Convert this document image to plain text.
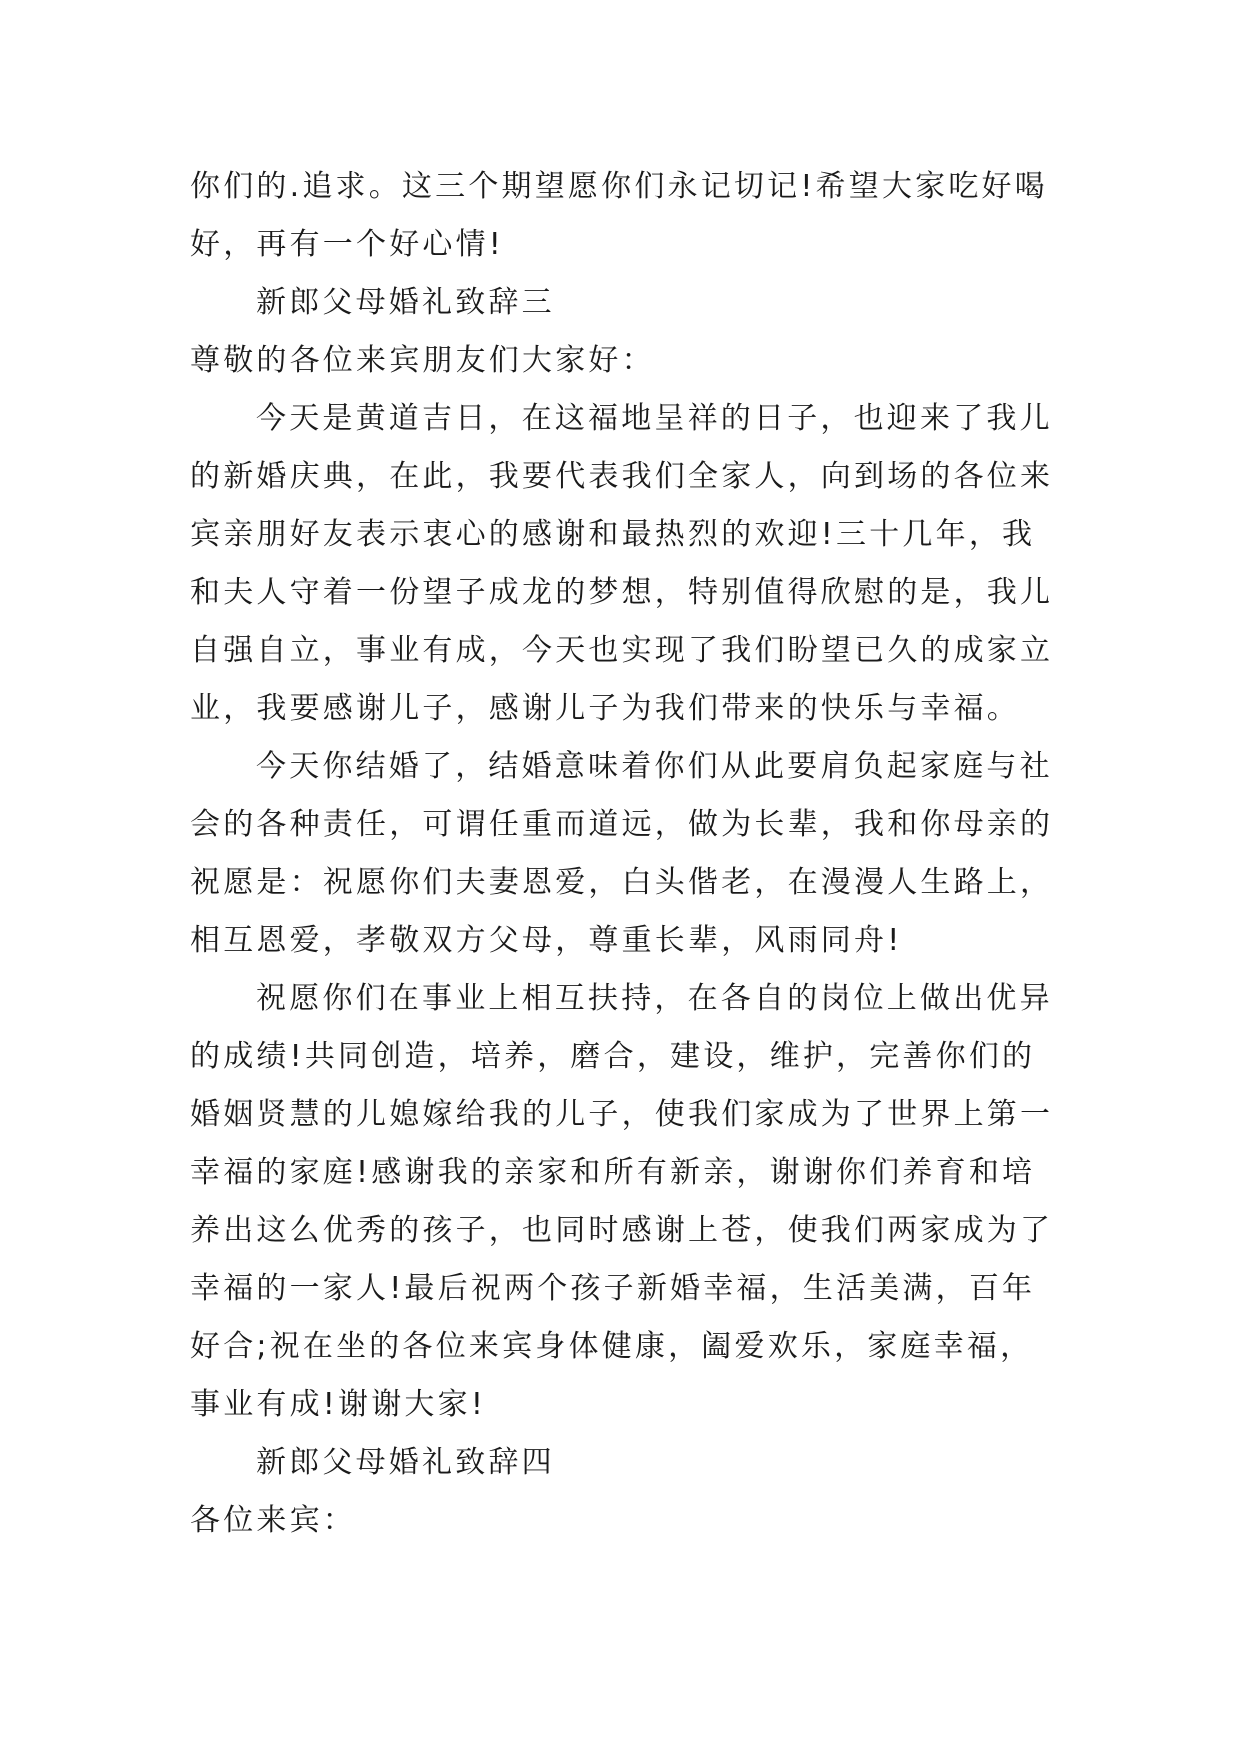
你们的.追求。这三个期望愿你们永记切记!希望大家吃好喝
好，再有一个好心情!
新郎父母婚礼致辞三
尊敬的各位来宾朋友们大家好：
今天是黄道吉日，在这福地呈祥的日子，也迎来了我儿
的新婚庆典，在此，我要代表我们全家人，向到场的各位来
宾亲朋好友表示衷心的感谢和最热烈的欢迎!三十几年，我
和夫人守着一份望子成龙的梦想，特别值得欣慰的是，我儿
自强自立，事业有成，今天也实现了我们盼望已久的成家立
业，我要感谢儿子，感谢儿子为我们带来的快乐与幸福。
今天你结婚了，结婚意味着你们从此要肩负起家庭与社
会的各种责任，可谓任重而道远，做为长辈，我和你母亲的
祝愿是：祝愿你们夫妻恩爱，白头偕老，在漫漫人生路上，
相互恩爱，孝敬双方父母，尊重长辈，风雨同舟!
祝愿你们在事业上相互扶持，在各自的岗位上做出优异
的成绩!共同创造，培养，磨合，建设，维护，完善你们的
婚姻贤慧的儿媳嫁给我的儿子，使我们家成为了世界上第一
幸福的家庭!感谢我的亲家和所有新亲，谢谢你们养育和培
养出这么优秀的孩子，也同时感谢上苍，使我们两家成为了
幸福的一家人!最后祝两个孩子新婚幸福，生活美满，百年
好合;祝在坐的各位来宾身体健康，阖爱欢乐，家庭幸福，
事业有成!谢谢大家!
新郎父母婚礼致辞四
各位来宾：
